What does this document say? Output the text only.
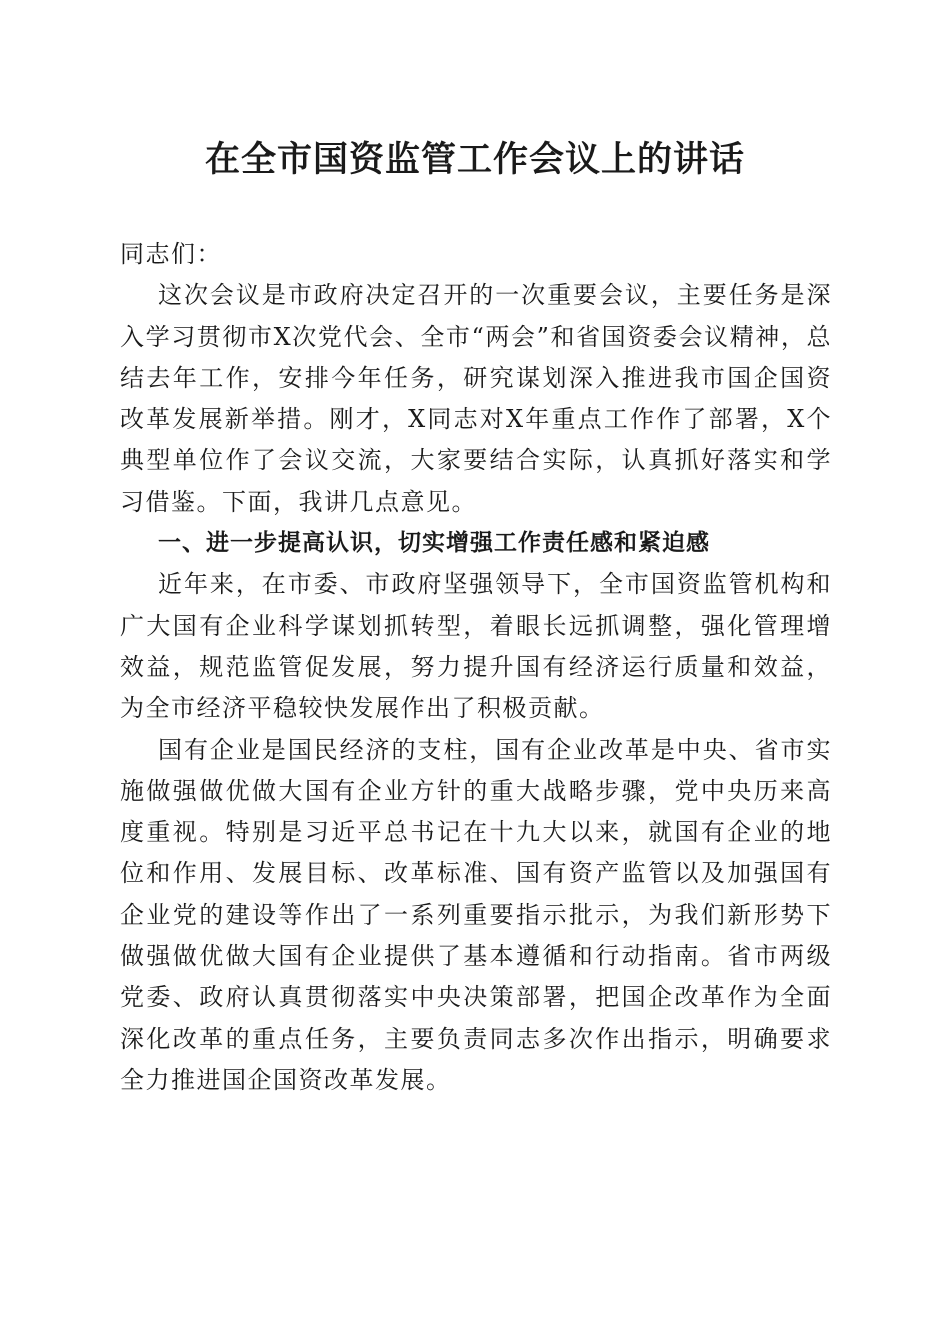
在全市国资监管工作会议上的讲话

同志们：

这次会议是市政府决定召开的一次重要会议，主要任务是深入学习贯彻市X次党代会、全市“两会”和省国资委会议精神，总结去年工作，安排今年任务，研究谋划深入推进我市国企国资改革发展新举措。刚才，X同志对X年重点工作作了部署，X个典型单位作了会议交流，大家要结合实际，认真抓好落实和学习借鉴。下面，我讲几点意见。

一、进一步提高认识，切实增强工作责任感和紧迫感

近年来，在市委、市政府坚强领导下，全市国资监管机构和广大国有企业科学谋划抓转型，着眼长远抓调整，强化管理增效益，规范监管促发展，努力提升国有经济运行质量和效益，为全市经济平稳较快发展作出了积极贡献。

国有企业是国民经济的支柱，国有企业改革是中央、省市实施做强做优做大国有企业方针的重大战略步骤，党中央历来高度重视。特别是习近平总书记在十九大以来，就国有企业的地位和作用、发展目标、改革标准、国有资产监管以及加强国有企业党的建设等作出了一系列重要指示批示，为我们新形势下做强做优做大国有企业提供了基本遵循和行动指南。省市两级党委、政府认真贯彻落实中央决策部署，把国企改革作为全面深化改革的重点任务，主要负责同志多次作出指示，明确要求全力推进国企国资改革发展。
